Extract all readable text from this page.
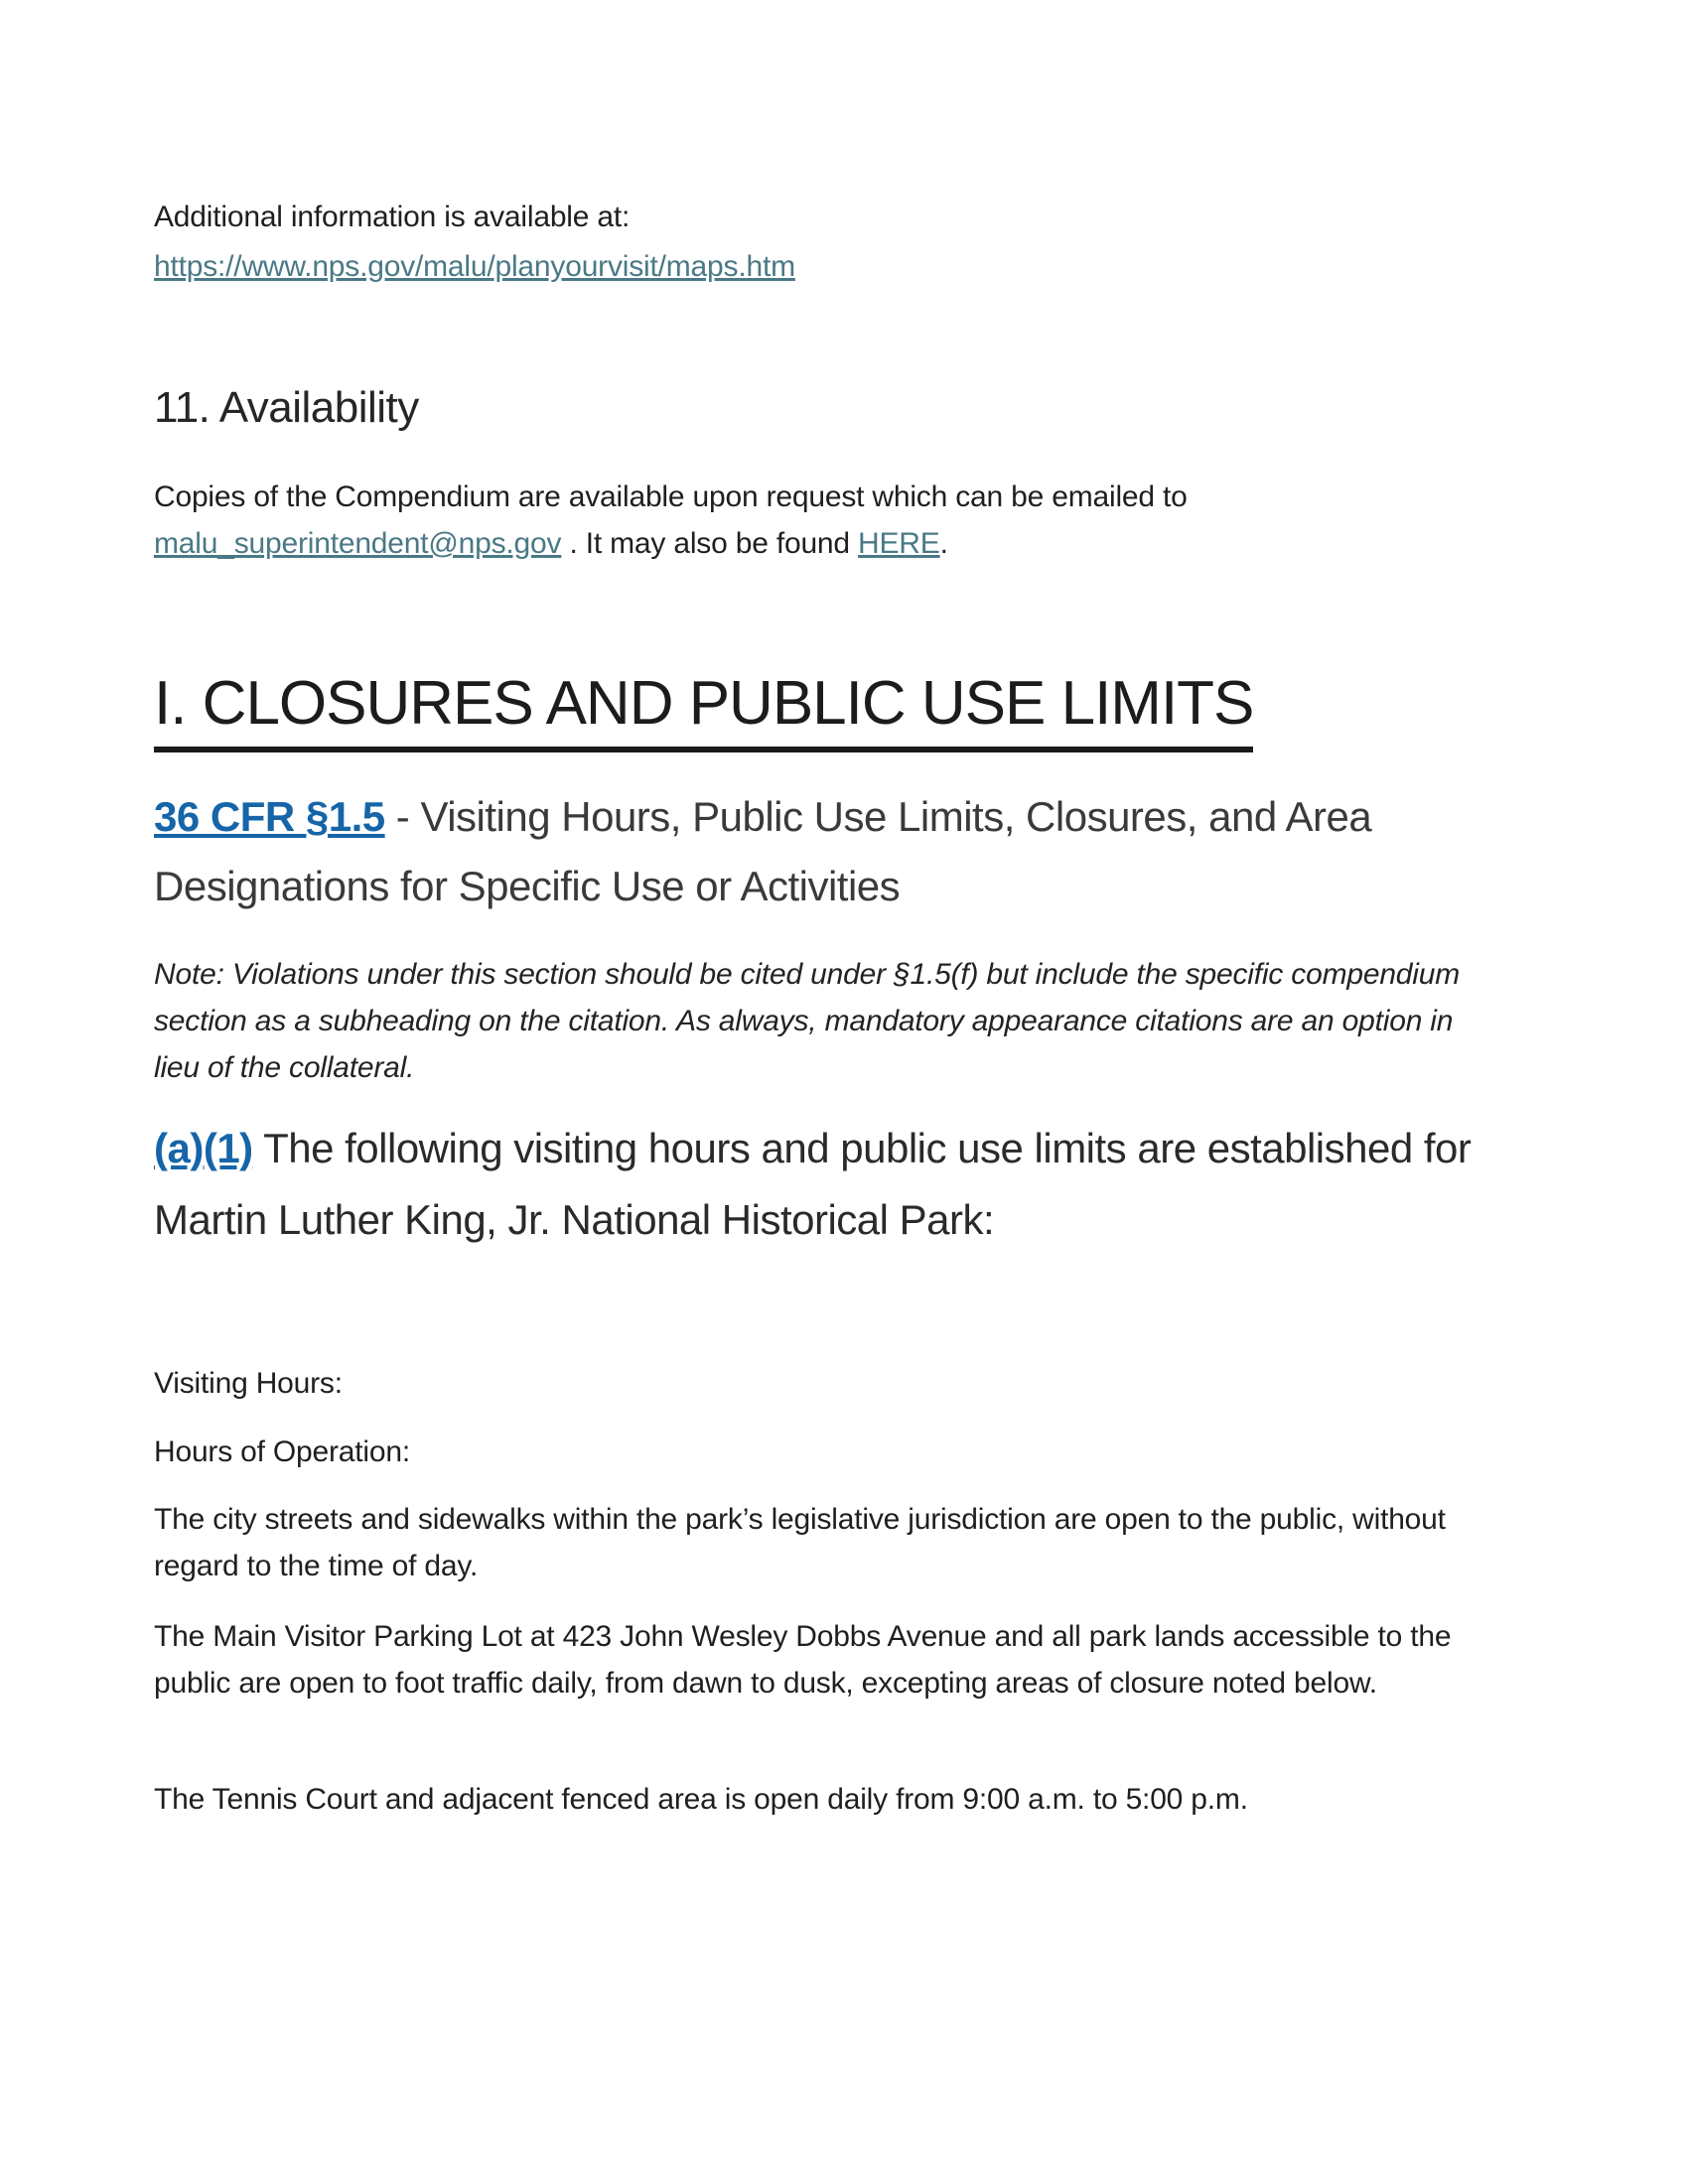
Additional information is available at:
https://www.nps.gov/malu/planyourvisit/maps.htm

11. Availability

Copies of the Compendium are available upon request which can be emailed to malu_superintendent@nps.gov . It may also be found HERE.

I. CLOSURES AND PUBLIC USE LIMITS
36 CFR §1.5 - Visiting Hours, Public Use Limits, Closures, and Area Designations for Specific Use or Activities

Note: Violations under this section should be cited under §1.5(f) but include the specific compendium section as a subheading on the citation. As always, mandatory appearance citations are an option in lieu of the collateral.

(a)(1) The following visiting hours and public use limits are established for Martin Luther King, Jr. National Historical Park:

Visiting Hours:

Hours of Operation:

The city streets and sidewalks within the park’s legislative jurisdiction are open to the public, without regard to the time of day.

The Main Visitor Parking Lot at 423 John Wesley Dobbs Avenue and all park lands accessible to the public are open to foot traffic daily, from dawn to dusk, excepting areas of closure noted below.

The Tennis Court and adjacent fenced area is open daily from 9:00 a.m. to 5:00 p.m.
